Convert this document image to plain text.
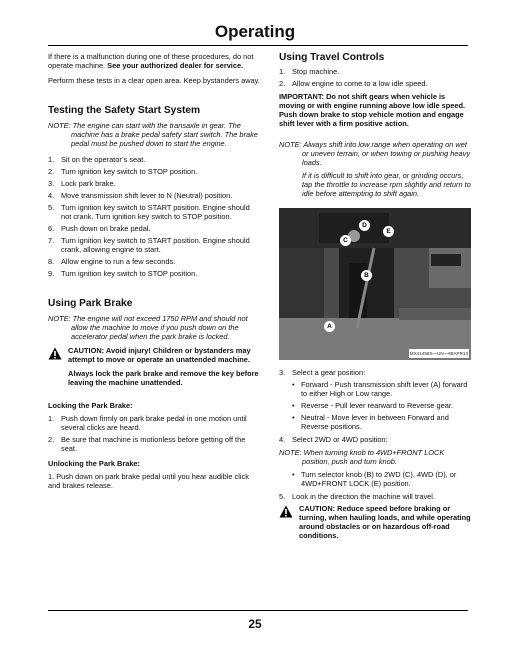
Operating

If there is a malfunction during one of these procedures, do not operate machine. See your authorized dealer for service.

Perform these tests in a clear open area. Keep bystanders away.

Testing the Safety Start System

NOTE: The engine can start with the transaxle in gear. The machine has a brake pedal safety start switch. The brake pedal must be pushed down to start the engine.

1. Sit on the operator’s seat.
2. Turn ignition key switch to STOP position.
3. Lock park brake.
4. Move transmission shift lever to N (Neutral) position.
5. Turn ignition key switch to START position. Engine should not crank. Turn ignition key switch to STOP position.
6. Push down on brake pedal.
7. Turn ignition key switch to START position. Engine should crank, allowing engine to start.
8. Allow engine to run a few seconds.
9. Turn ignition key switch to STOP position.

Using Park Brake

NOTE: The engine will not exceed 1750 RPM and should not allow the machine to move if you push down on the accelerator pedal when the park brake is locked.

CAUTION: Avoid injury! Children or bystanders may attempt to move or operate an unattended machine.

Always lock the park brake and remove the key before leaving the machine unattended.

Locking the Park Brake:

1. Push down firmly on park brake pedal in one motion until several clicks are heard.
2. Be sure that machine is motionless before getting off the seat.

Unlocking the Park Brake:

1. Push down on park brake pedal until you hear audible click and brakes release.

Using Travel Controls

1. Stop machine.
2. Allow engine to come to a low idle speed.

IMPORTANT: Do not shift gears when vehicle is moving or with engine running above low idle speed. Push down brake to stop vehicle motion and engage shift lever with a firm positive action.

NOTE: Always shift into low range when operating on wet or uneven terrain, or when towing or pushing heavy loads.

If it is difficult to shift into gear, or grinding occurs, tap the throttle to increase rpm slightly and return to idle before attempting to shift again.

D
E
C
B
A
MX41456S—UN—09APR13
3. Select a gear position:
• Forward - Push transmission shift lever (A) forward to either High or Low range.
• Reverse - Pull lever rearward to Reverse gear.
• Neutral - Move lever in between Forward and Reverse positions.
4. Select 2WD or 4WD position:

NOTE: When turning knob to 4WD+FRONT LOCK position, push and turn knob.

• Turn selector knob (B) to 2WD (C), 4WD (D), or 4WD+FRONT LOCK (E) position.
5. Look in the direction the machine will travel.

CAUTION: Reduce speed before braking or turning, when hauling loads, and while operating around obstacles or on hazardous off-road conditions.

25
